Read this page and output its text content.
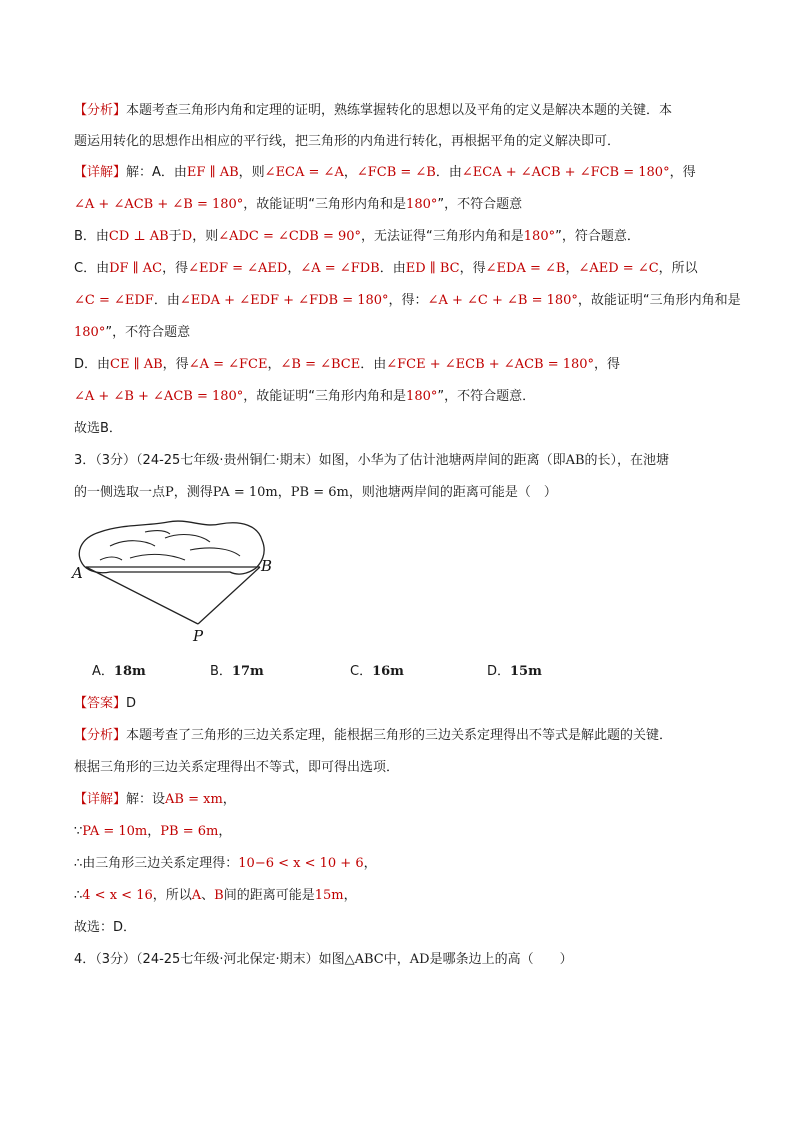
【分析】本题考查三角形内角和定理的证明，熟练掌握转化的思想以及平角的定义是解决本题的关键．本
题运用转化的思想作出相应的平行线，把三角形的内角进行转化，再根据平角的定义解决即可．
【详解】解：A．由EF ∥ AB，则∠ECA = ∠A，∠FCB = ∠B．由∠ECA + ∠ACB + ∠FCB = 180°，得
∠A + ∠ACB + ∠B = 180°，故能证明“三角形内角和是180°”，不符合题意
B．由CD ⊥ AB于D，则∠ADC = ∠CDB = 90°，无法证得“三角形内角和是180°”，符合题意．
C．由DF ∥ AC，得∠EDF = ∠AED，∠A = ∠FDB．由ED ∥ BC，得∠EDA = ∠B，∠AED = ∠C，所以
∠C = ∠EDF．由∠EDA + ∠EDF + ∠FDB = 180°，得：∠A + ∠C + ∠B = 180°，故能证明“三角形内角和是
180°”，不符合题意
D．由CE ∥ AB，得∠A = ∠FCE，∠B = ∠BCE．由∠FCE + ∠ECB + ∠ACB = 180°，得
∠A + ∠B + ∠ACB = 180°，故能证明“三角形内角和是180°”，不符合题意．
故选B．
3．（3分）（24-25七年级·贵州铜仁·期末）如图，小华为了估计池塘两岸间的距离（即AB的长），在池塘
的一侧选取一点P，测得PA = 10m，PB = 6m，则池塘两岸间的距离可能是（　）
【答案】D
【分析】本题考查了三角形的三边关系定理，能根据三角形的三边关系定理得出不等式是解此题的关键．
根据三角形的三边关系定理得出不等式，即可得出选项．
【详解】解：设AB = xm，
∵PA = 10m，PB = 6m，
∴由三角形三边关系定理得：10−6 < x < 10 + 6，
∴4 < x < 16，所以A、B间的距离可能是15m，
故选：D．
4．（3分）（24-25七年级·河北保定·期末）如图△ABC中，AD是哪条边上的高（　　）
A	B
P
A．18m	B．17m	C．16m	D．15m
